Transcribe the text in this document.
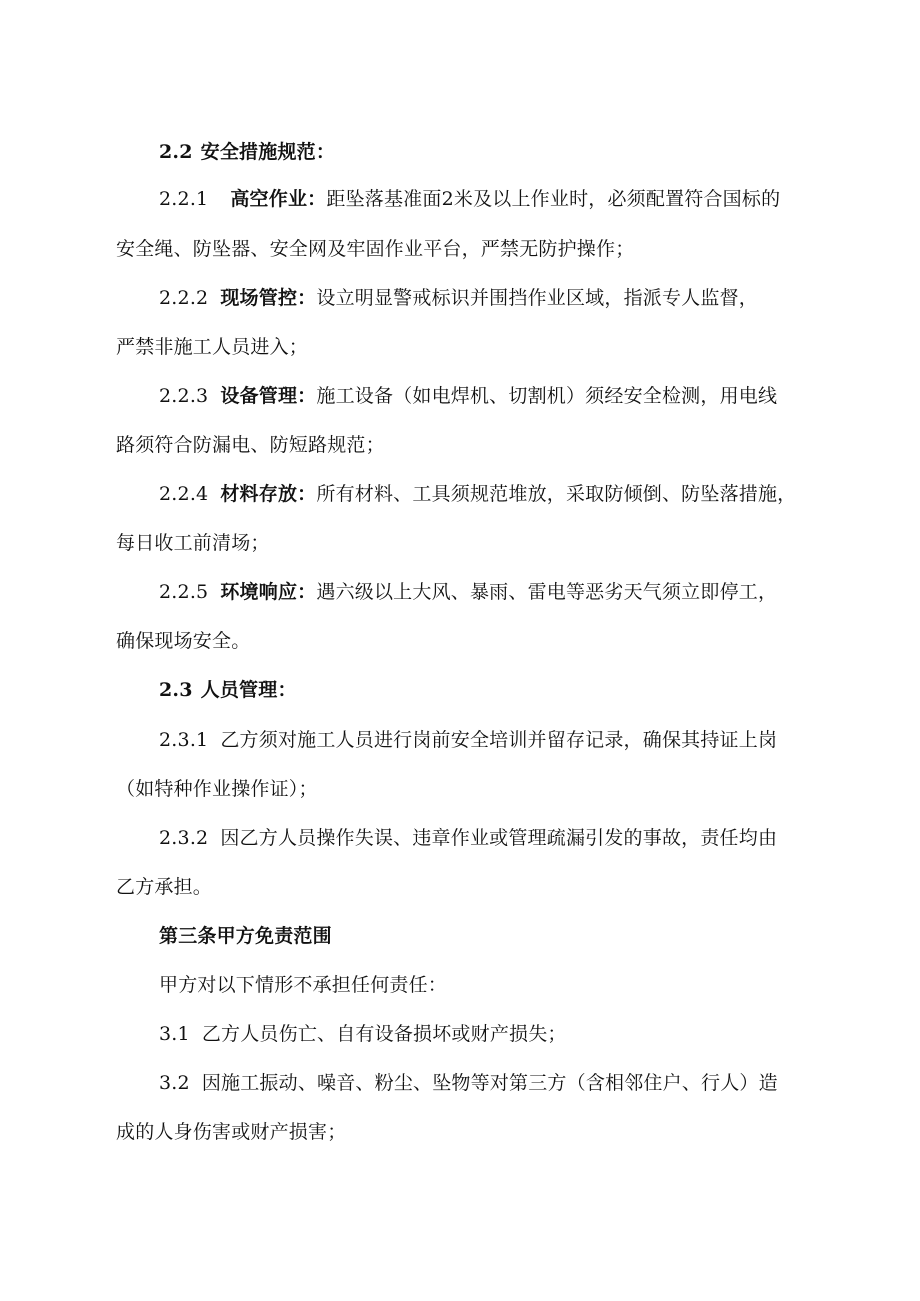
2.2 安全措施规范：
2.2.1 高空作业：距坠落基准面2米及以上作业时，必须配置符合国标的
安全绳、防坠器、安全网及牢固作业平台，严禁无防护操作；
2.2.2 现场管控：设立明显警戒标识并围挡作业区域，指派专人监督，
严禁非施工人员进入；
2.2.3 设备管理：施工设备（如电焊机、切割机）须经安全检测，用电线
路须符合防漏电、防短路规范；
2.2.4 材料存放：所有材料、工具须规范堆放，采取防倾倒、防坠落措施，
每日收工前清场；
2.2.5 环境响应：遇六级以上大风、暴雨、雷电等恶劣天气须立即停工，
确保现场安全。
2.3 人员管理：
2.3.1 乙方须对施工人员进行岗前安全培训并留存记录，确保其持证上岗
（如特种作业操作证）；
2.3.2 因乙方人员操作失误、违章作业或管理疏漏引发的事故，责任均由
乙方承担。
第三条甲方免责范围
甲方对以下情形不承担任何责任：
3.1 乙方人员伤亡、自有设备损坏或财产损失；
3.2 因施工振动、噪音、粉尘、坠物等对第三方（含相邻住户、行人）造
成的人身伤害或财产损害；
